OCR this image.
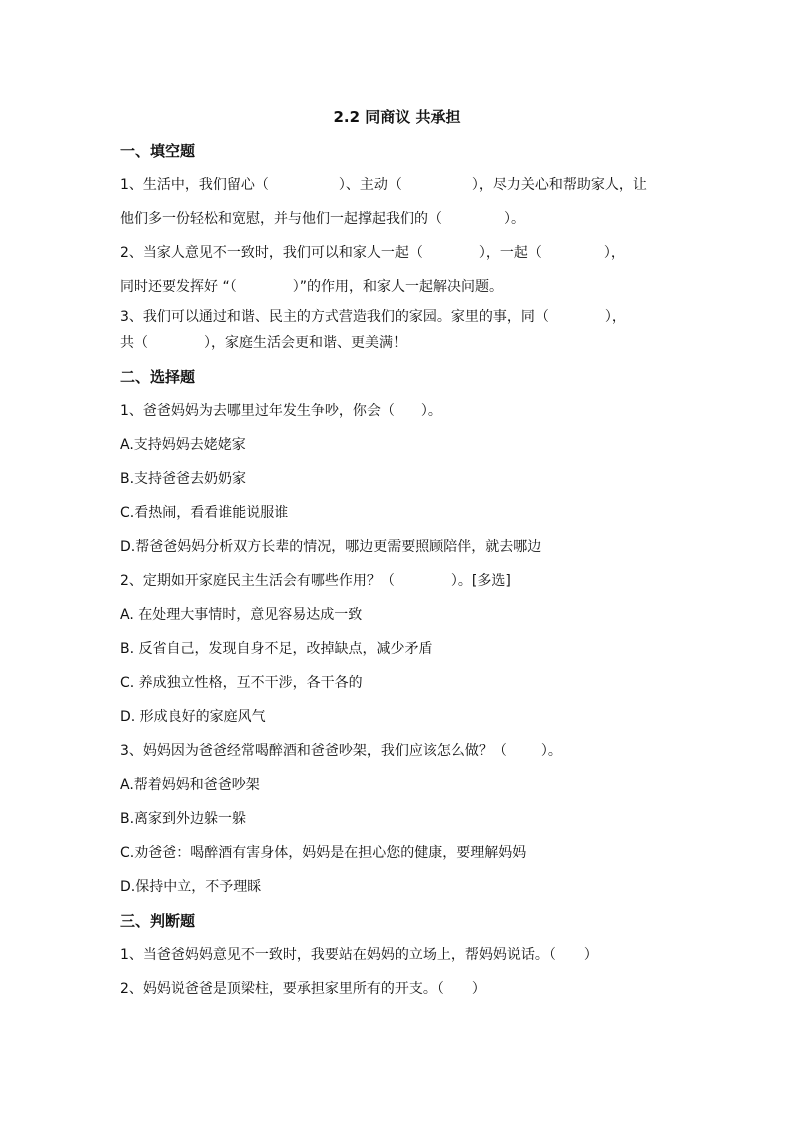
2.2 同商议 共承担
一、填空题
1、生活中，我们留心（	）、主动（	），尽力关心和帮助家人，让
他们多一份轻松和宽慰，并与他们一起撑起我们的（	）。
2、当家人意见不一致时，我们可以和家人一起（	），一起（	），
同时还要发挥好 “（	）”的作用，和家人一起解决问题。
3、我们可以通过和谐、民主的方式营造我们的家园。家里的事，同（	），
共（	），家庭生活会更和谐、更美满！
二、选择题
1、爸爸妈妈为去哪里过年发生争吵，你会（ ）。
A.支持妈妈去姥姥家
B.支持爸爸去奶奶家
C.看热闹，看看谁能说服谁
D.帮爸爸妈妈分析双方长辈的情况，哪边更需要照顾陪伴，就去哪边
2、定期如开家庭民主生活会有哪些作用？（	）。[多选]
A. 在处理大事情时，意见容易达成一致
B. 反省自己，发现自身不足，改掉缺点，减少矛盾
C. 养成独立性格，互不干涉，各干各的
D. 形成良好的家庭风气
3、妈妈因为爸爸经常喝醉酒和爸爸吵架，我们应该怎么做？（ ）。
A.帮着妈妈和爸爸吵架
B.离家到外边躲一躲
C.劝爸爸：喝醉酒有害身体，妈妈是在担心您的健康，要理解妈妈
D.保持中立，不予理睬
三、判断题
1、当爸爸妈妈意见不一致时，我要站在妈妈的立场上，帮妈妈说话。（ ）
2、妈妈说爸爸是顶梁柱，要承担家里所有的开支。（ ）
